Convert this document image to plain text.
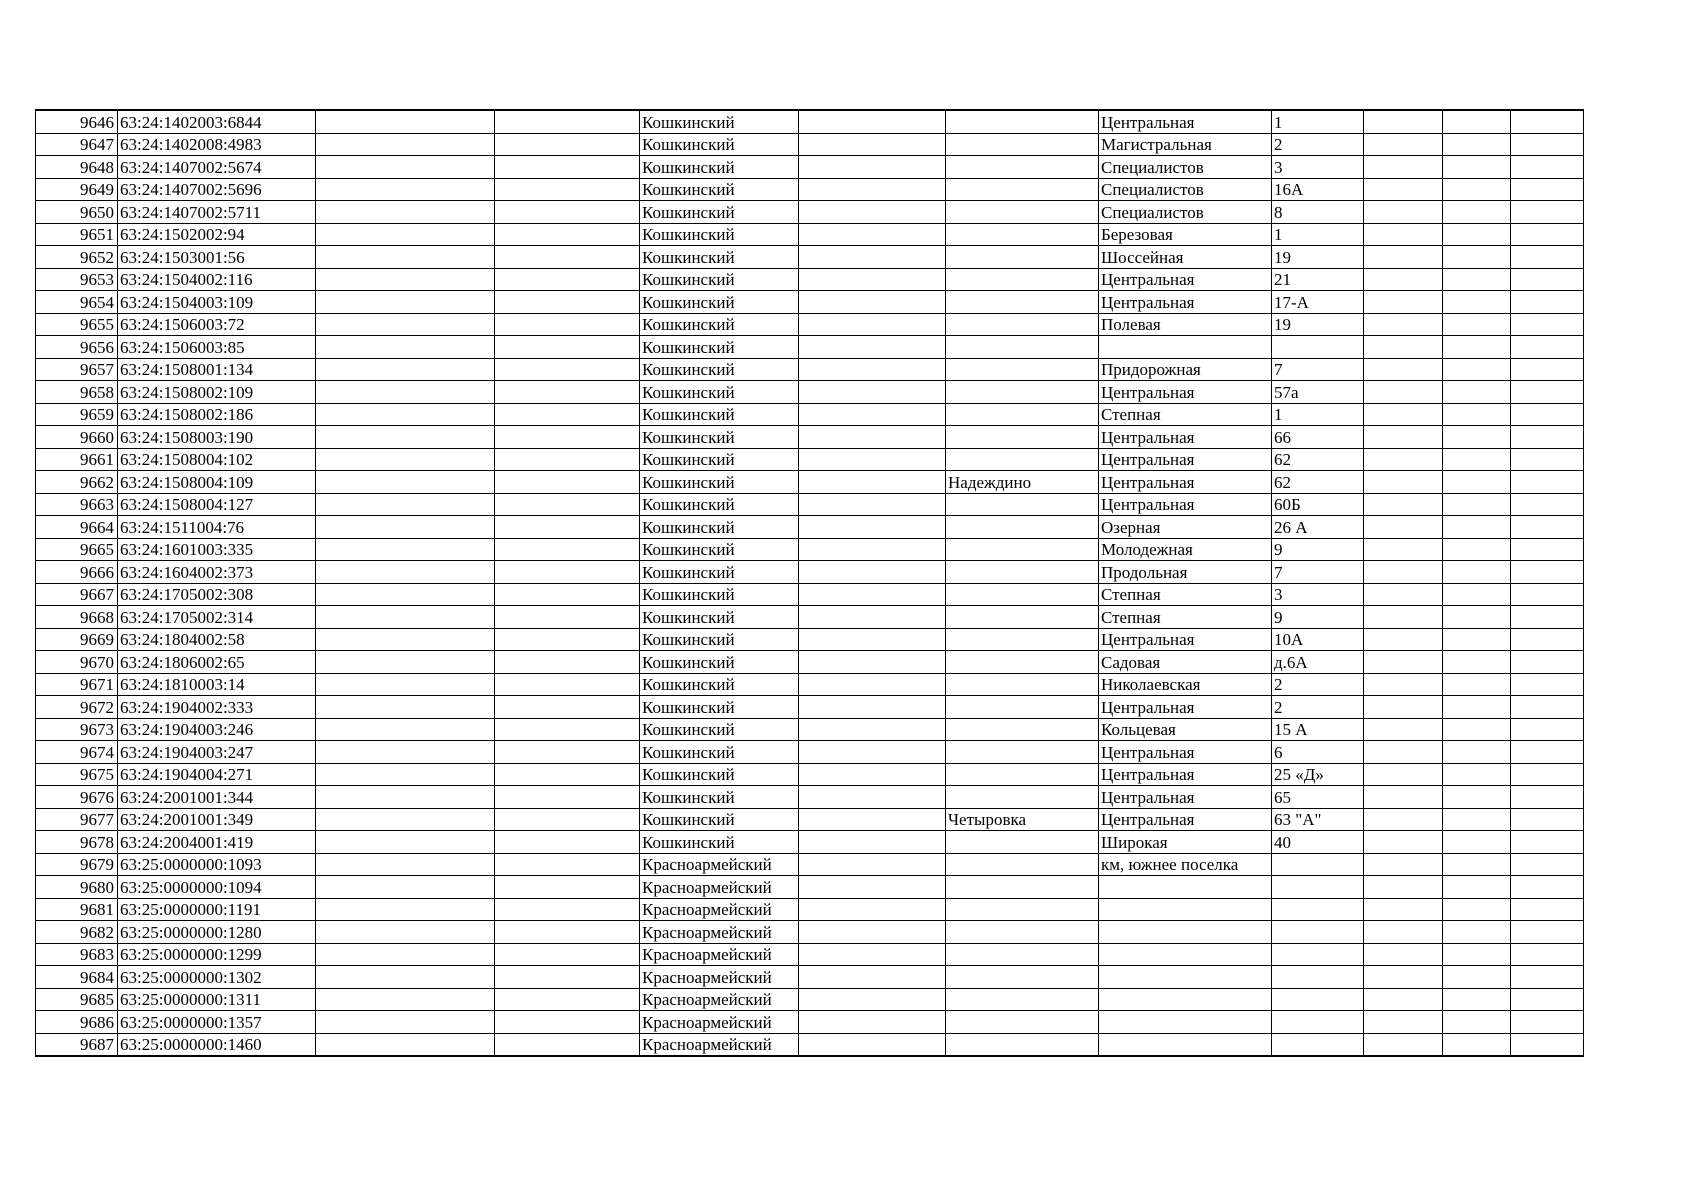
9646	63:24:1402003:6844			Кошкинский			Центральная	1			
9647	63:24:1402008:4983			Кошкинский			Магистральная	2			
9648	63:24:1407002:5674			Кошкинский			Специалистов	3			
9649	63:24:1407002:5696			Кошкинский			Специалистов	16А			
9650	63:24:1407002:5711			Кошкинский			Специалистов	8			
9651	63:24:1502002:94			Кошкинский			Березовая	1			
9652	63:24:1503001:56			Кошкинский			Шоссейная	19			
9653	63:24:1504002:116			Кошкинский			Центральная	21			
9654	63:24:1504003:109			Кошкинский			Центральная	17-А			
9655	63:24:1506003:72			Кошкинский			Полевая	19			
9656	63:24:1506003:85			Кошкинский							
9657	63:24:1508001:134			Кошкинский			Придорожная	7			
9658	63:24:1508002:109			Кошкинский			Центральная	57а			
9659	63:24:1508002:186			Кошкинский			Степная	1			
9660	63:24:1508003:190			Кошкинский			Центральная	66			
9661	63:24:1508004:102			Кошкинский			Центральная	62			
9662	63:24:1508004:109			Кошкинский		Надеждино	Центральная	62			
9663	63:24:1508004:127			Кошкинский			Центральная	60Б			
9664	63:24:1511004:76			Кошкинский			Озерная	26 А			
9665	63:24:1601003:335			Кошкинский			Молодежная	9			
9666	63:24:1604002:373			Кошкинский			Продольная	7			
9667	63:24:1705002:308			Кошкинский			Степная	3			
9668	63:24:1705002:314			Кошкинский			Степная	9			
9669	63:24:1804002:58			Кошкинский			Центральная	10А			
9670	63:24:1806002:65			Кошкинский			Садовая	д.6А			
9671	63:24:1810003:14			Кошкинский			Николаевская	2			
9672	63:24:1904002:333			Кошкинский			Центральная	2			
9673	63:24:1904003:246			Кошкинский			Кольцевая	15 А			
9674	63:24:1904003:247			Кошкинский			Центральная	6			
9675	63:24:1904004:271			Кошкинский			Центральная	25 «Д»			
9676	63:24:2001001:344			Кошкинский			Центральная	65			
9677	63:24:2001001:349			Кошкинский		Четыровка	Центральная	63 "А"			
9678	63:24:2004001:419			Кошкинский			Широкая	40			
9679	63:25:0000000:1093			Красноармейский			км, южнее поселка				
9680	63:25:0000000:1094			Красноармейский							
9681	63:25:0000000:1191			Красноармейский							
9682	63:25:0000000:1280			Красноармейский							
9683	63:25:0000000:1299			Красноармейский							
9684	63:25:0000000:1302			Красноармейский							
9685	63:25:0000000:1311			Красноармейский							
9686	63:25:0000000:1357			Красноармейский							
9687	63:25:0000000:1460			Красноармейский							
